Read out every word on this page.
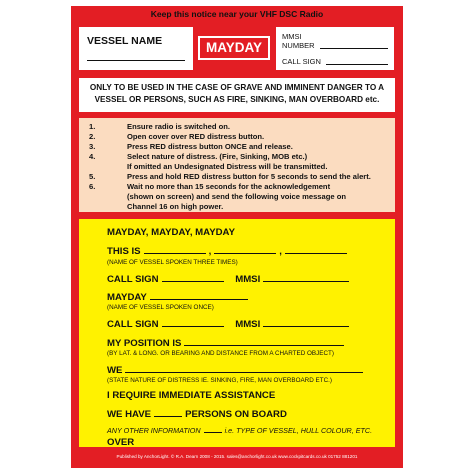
Keep this notice near your VHF DSC Radio
VESSEL NAME	MAYDAY
MMSI
NUMBER
CALL SIGN
ONLY TO BE USED IN THE CASE OF GRAVE AND IMMINENT DANGER TO A VESSEL OR PERSONS, SUCH AS FIRE, SINKING, MAN OVERBOARD etc.
1.	Ensure radio is switched on.
2.	Open cover over RED distress button.
3.	Press RED distress button ONCE and release.
4.	Select nature of distress. (Fire, Sinking, MOB etc.)
If omitted an Undesignated Distress will be transmitted.
5.	Press and hold RED distress button for 5 seconds to send the alert.
6.	Wait no more than 15 seconds for the acknowledgement
(shown on screen) and send the following voice message on
Channel 16 on high power.
MAYDAY, MAYDAY, MAYDAY
THIS IS	,	,
(NAME OF VESSEL SPOKEN THREE TIMES)
CALL SIGN	MMSI
MAYDAY
(NAME OF VESSEL SPOKEN ONCE)
CALL SIGN	MMSI
MY POSITION IS
(BY LAT. & LONG. OR BEARING AND DISTANCE FROM A CHARTED OBJECT)
WE
(STATE NATURE OF DISTRESS IE. SINKING, FIRE, MAN OVERBOARD ETC.)
I REQUIRE IMMEDIATE ASSISTANCE
WE HAVE	PERSONS ON BOARD
ANY OTHER INFORMATION	i.e. TYPE OF VESSEL, HULL COLOUR, ETC.
OVER
Published by AnchorLight. © R.A. Dearn 2008 - 2015. sales@anchorlight.co.uk www.cockpitcards.co.uk 01752 881201
